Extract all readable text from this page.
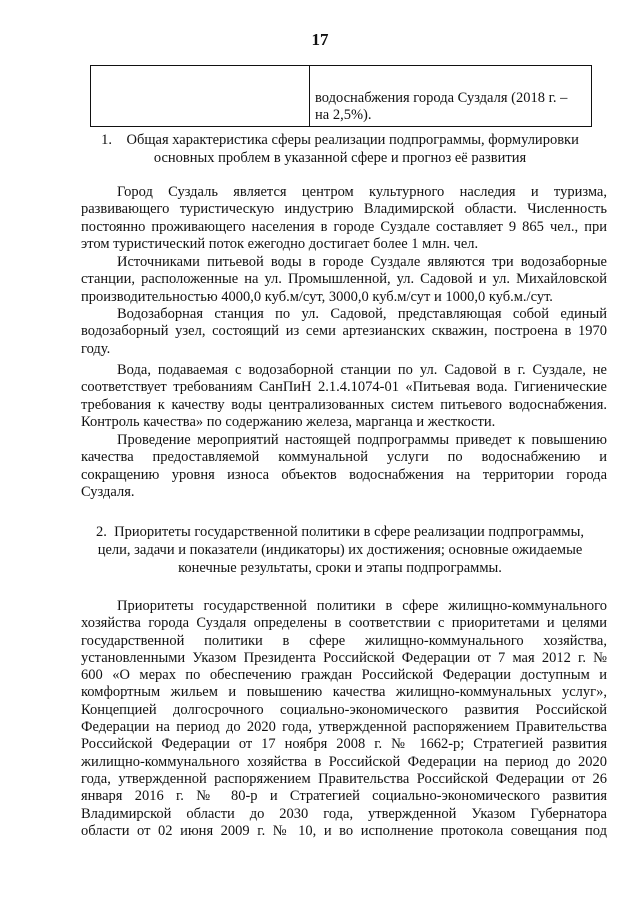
17
водоснабжения города Суздаля (2018 г. –
на 2,5%).
1. Общая характеристика сферы реализации подпрограммы, формулировки
основных проблем в указанной сфере и прогноз её развития
Город Суздаль является центром культурного наследия и туризма,
развивающего туристическую индустрию Владимирской области. Численность
постоянно проживающего населения в городе Суздале составляет 9 865 чел., при
этом туристический поток ежегодно достигает более 1 млн. чел.
Источниками питьевой воды в городе Суздале являются три водозаборные
станции, расположенные на ул. Промышленной, ул. Садовой и ул. Михайловской
производительностью 4000,0 куб.м/сут, 3000,0 куб.м/сут и 1000,0 куб.м./сут.
Водозаборная станция по ул. Садовой, представляющая собой единый
водозаборный узел, состоящий из семи артезианских скважин, построена в 1970
году.
Вода, подаваемая с водозаборной станции по ул. Садовой в г. Суздале, не
соответствует требованиям СанПиН 2.1.4.1074-01 «Питьевая вода. Гигиенические
требования к качеству воды централизованных систем питьевого водоснабжения.
Контроль качества» по содержанию железа, марганца и жесткости.
Проведение мероприятий настоящей подпрограммы приведет к повышению
качества предоставляемой коммунальной услуги по водоснабжению и
сокращению уровня износа объектов водоснабжения на территории города
Суздаля.
2. Приоритеты государственной политики в сфере реализации подпрограммы,
цели, задачи и показатели (индикаторы) их достижения; основные ожидаемые
конечные результаты, сроки и этапы подпрограммы.
Приоритеты государственной политики в сфере жилищно-коммунального
хозяйства города Суздаля определены в соответствии с приоритетами и целями
государственной политики в сфере жилищно-коммунального хозяйства,
установленными Указом Президента Российской Федерации от 7 мая 2012 г. №
600 «О мерах по обеспечению граждан Российской Федерации доступным и
комфортным жильем и повышению качества жилищно-коммунальных услуг»,
Концепцией долгосрочного социально-экономического развития Российской
Федерации на период до 2020 года, утвержденной распоряжением Правительства
Российской Федерации от 17 ноября 2008 г. № 1662-р; Стратегией развития
жилищно-коммунального хозяйства в Российской Федерации на период до 2020
года, утвержденной распоряжением Правительства Российской Федерации от 26
января 2016 г. № 80-р и Стратегией социально-экономического развития
Владимирской области до 2030 года, утвержденной Указом Губернатора
области от 02 июня 2009 г. № 10, и во исполнение протокола совещания под
